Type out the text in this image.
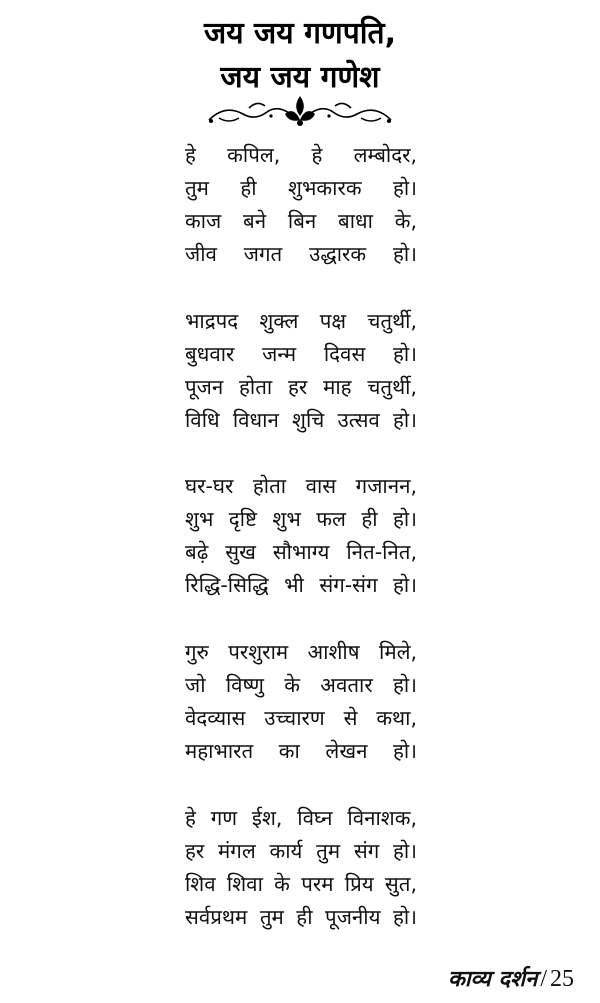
जय जय गणपति,
जय जय गणेश
हे कपिल, हे लम्बोदर,
तुम ही शुभकारक हो।
काज बने बिन बाधा के,
जीव जगत उद्धारक हो।
भाद्रपद शुक्ल पक्ष चतुर्थी,
बुधवार जन्म दिवस हो।
पूजन होता हर माह चतुर्थी,
विधि विधान शुचि उत्सव हो।
घर-घर होता वास गजानन,
शुभ दृष्टि शुभ फल ही हो।
बढ़े सुख सौभाग्य नित-नित,
रिद्धि-सिद्धि भी संग-संग हो।
गुरु परशुराम आशीष मिले,
जो विष्णु के अवतार हो।
वेदव्यास उच्चारण से कथा,
महाभारत का लेखन हो।
हे गण ईश, विघ्न विनाशक,
हर मंगल कार्य तुम संग हो।
शिव शिवा के परम प्रिय सुत,
सर्वप्रथम तुम ही पूजनीय हो।
काव्य दर्शन / 25
